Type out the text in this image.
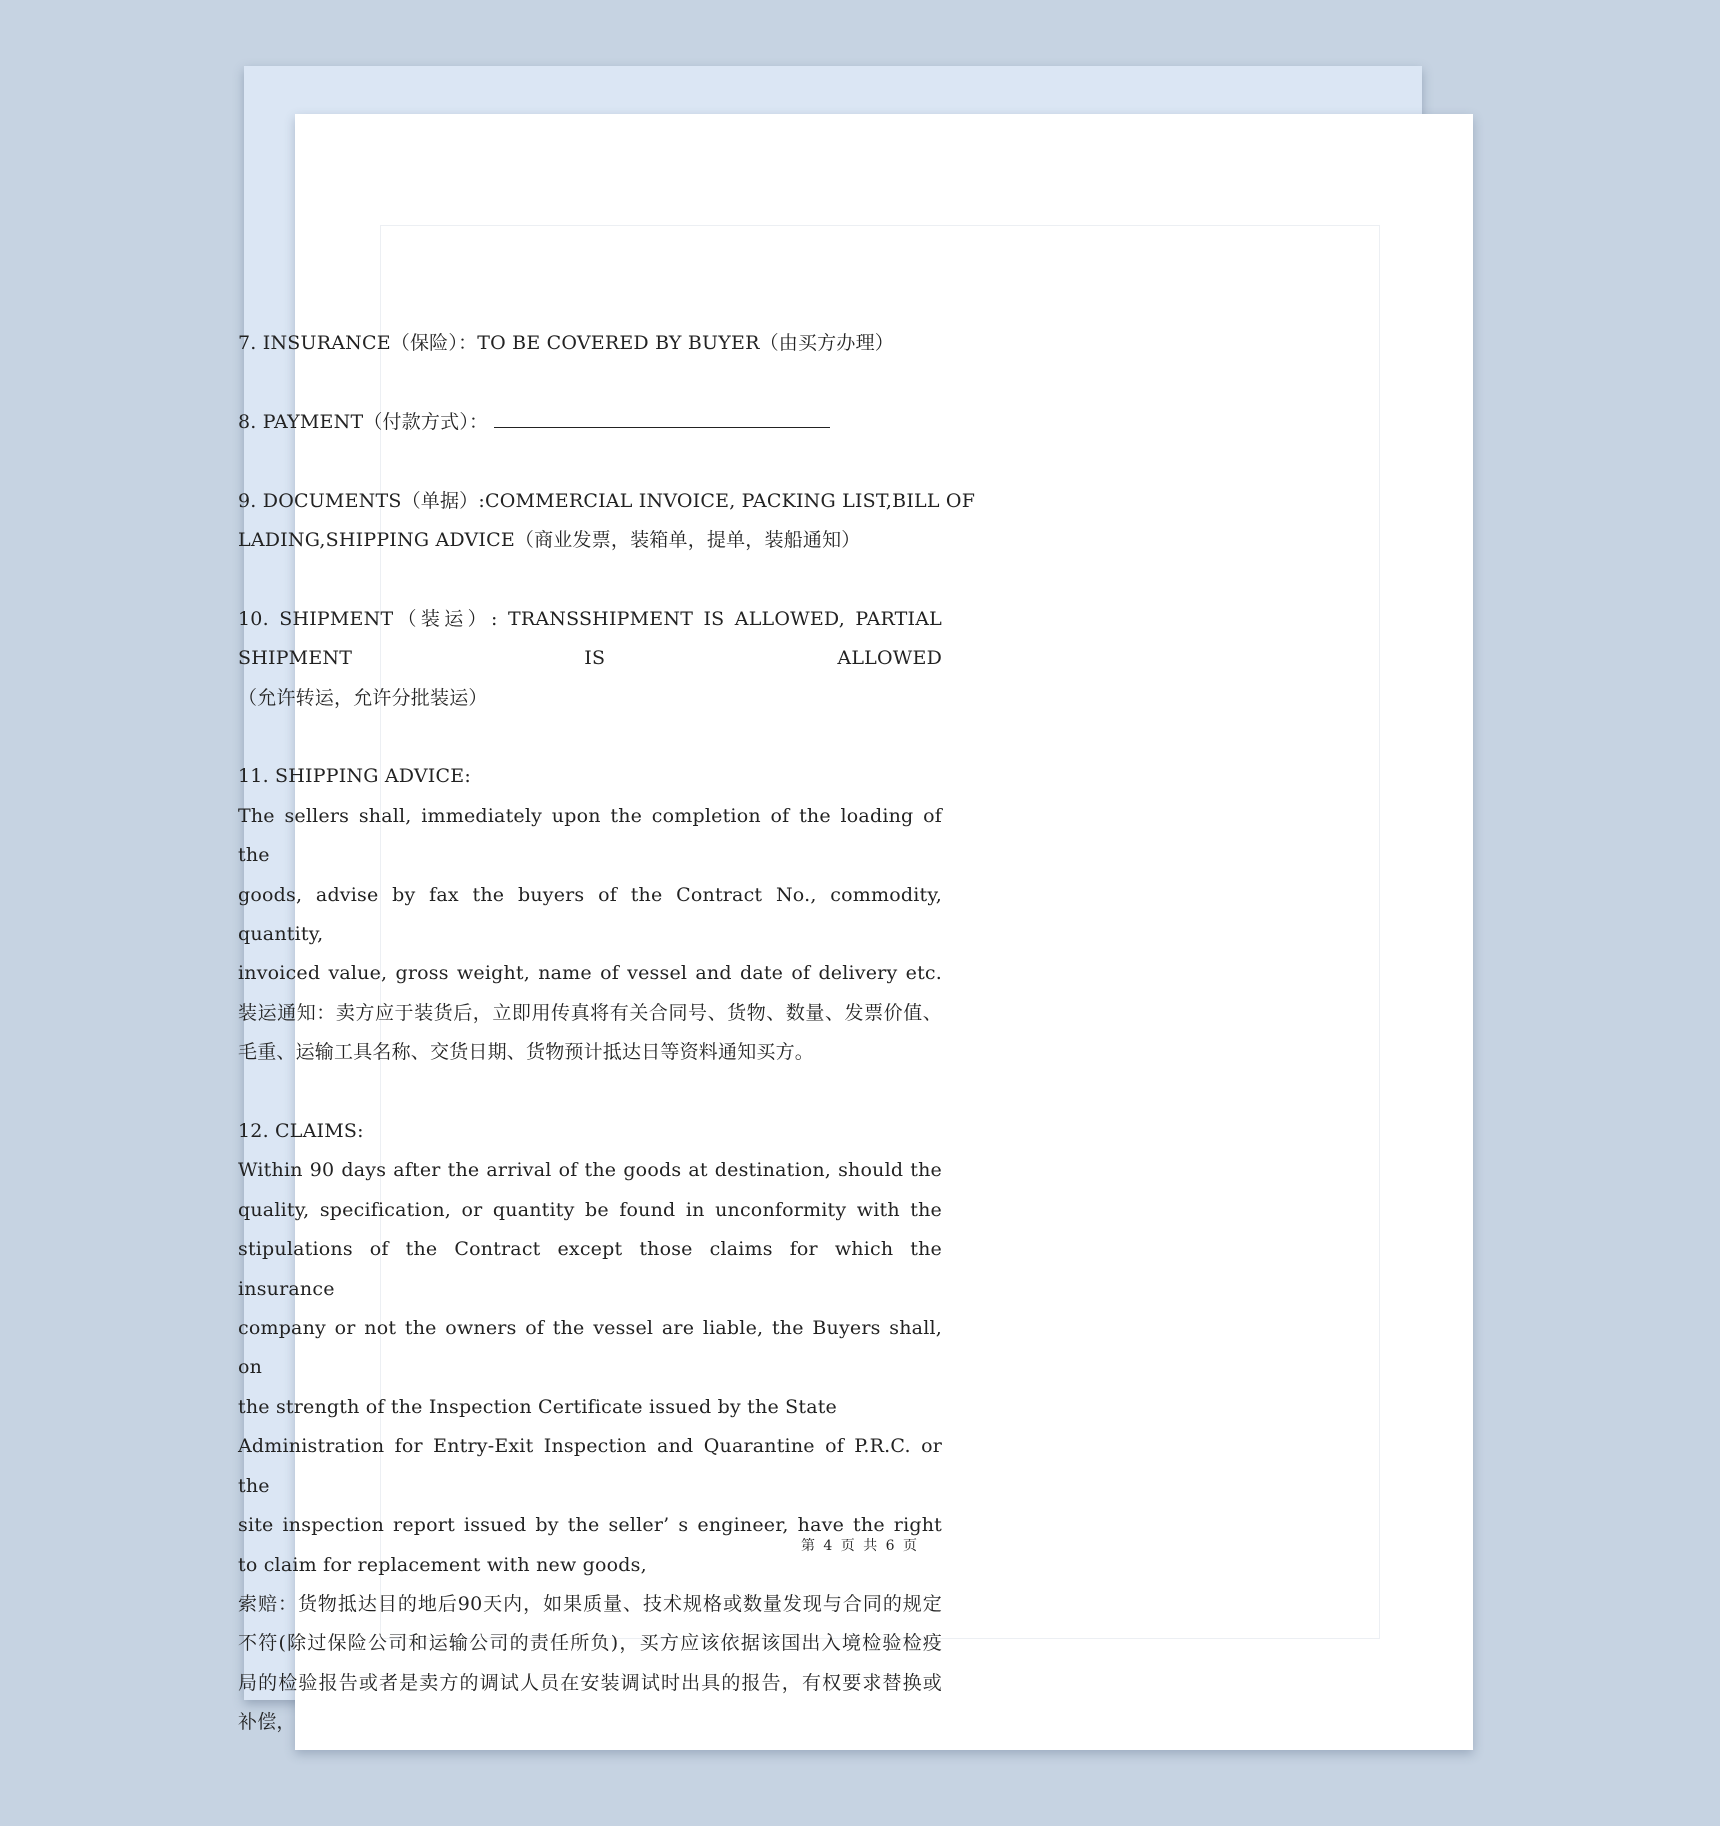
7. INSURANCE（保险）：TO BE COVERED BY BUYER（由买方办理）
8. PAYMENT（付款方式）：
9. DOCUMENTS（单据）:COMMERCIAL INVOICE, PACKING LIST,BILL OF
LADING,SHIPPING ADVICE（商业发票，装箱单，提单，装船通知）
10. SHIPMENT（装运）: TRANSSHIPMENT IS ALLOWED, PARTIAL SHIPMENT IS ALLOWED
（允许转运，允许分批装运）
11. SHIPPING ADVICE:
The sellers shall, immediately upon the completion of the loading of the
goods, advise by fax the buyers of the Contract No., commodity, quantity,
invoiced value, gross weight, name of vessel and date of delivery etc.
装运通知：卖方应于装货后，立即用传真将有关合同号、货物、数量、发票价值、
毛重、运输工具名称、交货日期、货物预计抵达日等资料通知买方。
12. CLAIMS:
Within 90 days after the arrival of the goods at destination, should the
quality, specification, or quantity be found in unconformity with the
stipulations of the Contract except those claims for which the insurance
company or not the owners of the vessel are liable, the Buyers shall, on
the strength of the Inspection Certificate issued by the State
Administration for Entry-Exit Inspection and Quarantine of P.R.C. or the
site inspection report issued by the seller’ s engineer, have the right
to claim for replacement with new goods,
索赔：货物抵达目的地后90天内，如果质量、技术规格或数量发现与合同的规定
不符(除过保险公司和运输公司的责任所负)，买方应该依据该国出入境检验检疫
局的检验报告或者是卖方的调试人员在安装调试时出具的报告，有权要求替换或
补偿，
第 4 页 共 6 页
